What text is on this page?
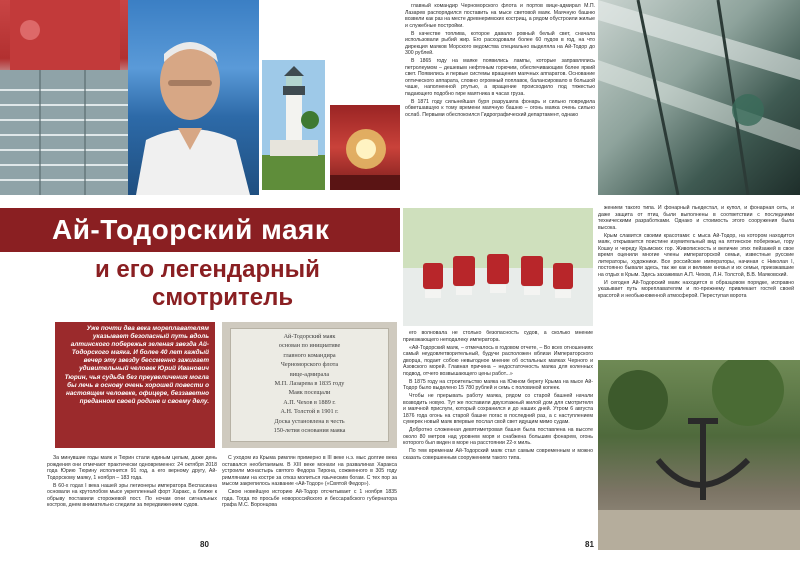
Ай-Тодорский маяк
и его легендарный
смотритель
Уже почти два века мореплавателям указывает безопасный путь вдоль алтинского побережья зеленая звезда Ай-Тодорского маяка. И более 40 лет каждый вечер эту звезду бессменно зажигает удивительный человек Юрий Иванович Тюрин, чья судьба без преувеличения могла бы лечь в основу очень хорошей повести о настоящем человеке, офицере, беззаветно преданном своей родине и своему делу.
Ай-Тодорский маяк
основан по инициативе
главного командира
Черноморского флота
вице-адмирала
М.П. Лазарева в 1835 году
Маяк посещали
А.П. Чехов в 1889 г.
А.Н. Толстой в 1901 г.
Доска установлена в честь
150-летия основания маяка

За минувшие годы маяк и Тюрин стали единым целым, даже день рождения они отмечают практически одновременно: 24 октября 2018 года Юрию Тюрину исполнится 91 год, а его верному другу, Ай-Тодорскому маяку, 1 ноября – 183 года.

В 60-х годах I века нашей эры легионеры императора Веспасиана основали на крутолобом мысе укрепленный форт Харакс, а ближе к обрыву поставили сторожевой пост. По ночам огни сигнальных костров, днем внимательно следили за передвижением судов.

С уходом из Крыма римлян примерно в III веке н.э. мыс долгие века оставался необитаемым. В XIII веке монахи на развалинах Харакса устроили монастырь святого Федора Тирона, сожженного в 305 году римлянами на костре за отказ молиться языческим богам. С тех пор за мысом закрепилось название «Ай-Тодор» («Святой Федор»).

Свою новейшую историю Ай-Тодор отсчитывает с 1 ноября 1835 года. Тогда по просьбе новороссийского и бессарабского губернатора графа М.С. Воронцова

главный командир Черноморского флота и портов вице-адмирал М.П. Лазарев распорядился поставить на мысе световой маяк. Маячную башню возвели как раз на месте древнеримских кострищ, а рядом обустроили жилые и служебные постройки.

В качестве топлива, которое давало ровный белый свет, сначала использовали рыбий жир. Его расходовали более 60 пудов в год, на что дирекция маяков Морского ведомства специально выделяла на Ай-Тодор до 300 рублей.

В 1865 году на маяке появились лампы, которые заправлялись петролеумом – дешевым нефтяным горючим, обеспечивающим более яркий свет. Появились и первые системы вращения маячных аппаратов. Основание оптического аппарата, словно огромный поплавок, балансировало в большой чаше, наполненной ртутью, а вращение происходило под тяжестью падающего подобно гире маятника в часах груза.

В 1871 году сильнейшая буря разрушила фонарь и сильно повредила обветшавшую к тому времени маячную башню – огонь маяка очень сильно ослаб. Первыми обеспокоился Гидрографический департамент, однако

80

его волновала не столько безопасность судов, а сколько мнение приезжающего неподалеку императора.

«Ай-Тодорский маяк, – отмечалось в годовом отчете, – Во всех отношениях самый неудовлетворительный, будучи расположен вблизи Императорского дворца, подает собою невыгодное мнение об остальных маяках Черного и Азовского морей. Главная причина – недостаточность маяка для коленных подвод, отчего возвышающего цены работ...»

В 1875 году на строительство маяка на Южном берегу Крыма на мысе Ай-Тодор было выделено 15 780 рублей и семь с половиной копеек.

Чтобы не прерывать работу маяка, рядом со старой башней начали возводить новую. Тут же поставили двухэтажный жилой дом для смотрителя и маячной прислуги, который сохранился и до наших дней. Утром 6 августа 1876 года огонь на старой башне погас в последний раз, а с наступлением сумерек новый маяк впервые послал свой свет идущим мимо судам.

Добротно сложенная девятиметровая башня была поставлена на высоте около 80 метров над уровнем моря и снабжена большим фонарем, огонь которого был виден в море на расстоянии 22-х миль.

По тем временам Ай-Тодорский маяк стал самым современным и можно сказать совершенным сооружением такого типа.

жением такого типа. И фонарный пьедестал, и купол, и фонарная сеть, и даже защита от птиц были выполнены в соответствии с последними техническими разработками. Однако и стоимость этого сооружения была высока.

Крым славится своими красотами: с мыса Ай-Тодор, на котором находится маяк, открывается поистине изумительный вид на ялтинское побережье, гору Кошку и череду Крымских гор. Живописность и величие этих пейзажей в свое время оценили многие члены императорской семьи, известные русские литераторы, художники. Все российские императоры, начиная с Николая I, постоянно бывали здесь, так же как и великие князья и их семьи, приезжавшие на отдых в Крым. Здесь захаживал А.П. Чехов, Л.Н. Толстой, В.В. Маяковский.

И сегодня Ай-Тодорский маяк находится в образцовом порядке, исправно указывает путь мореплавателям и по-прежнему привлекает гостей своей красотой и необыкновенной атмосферой. Переступая ворота

81
